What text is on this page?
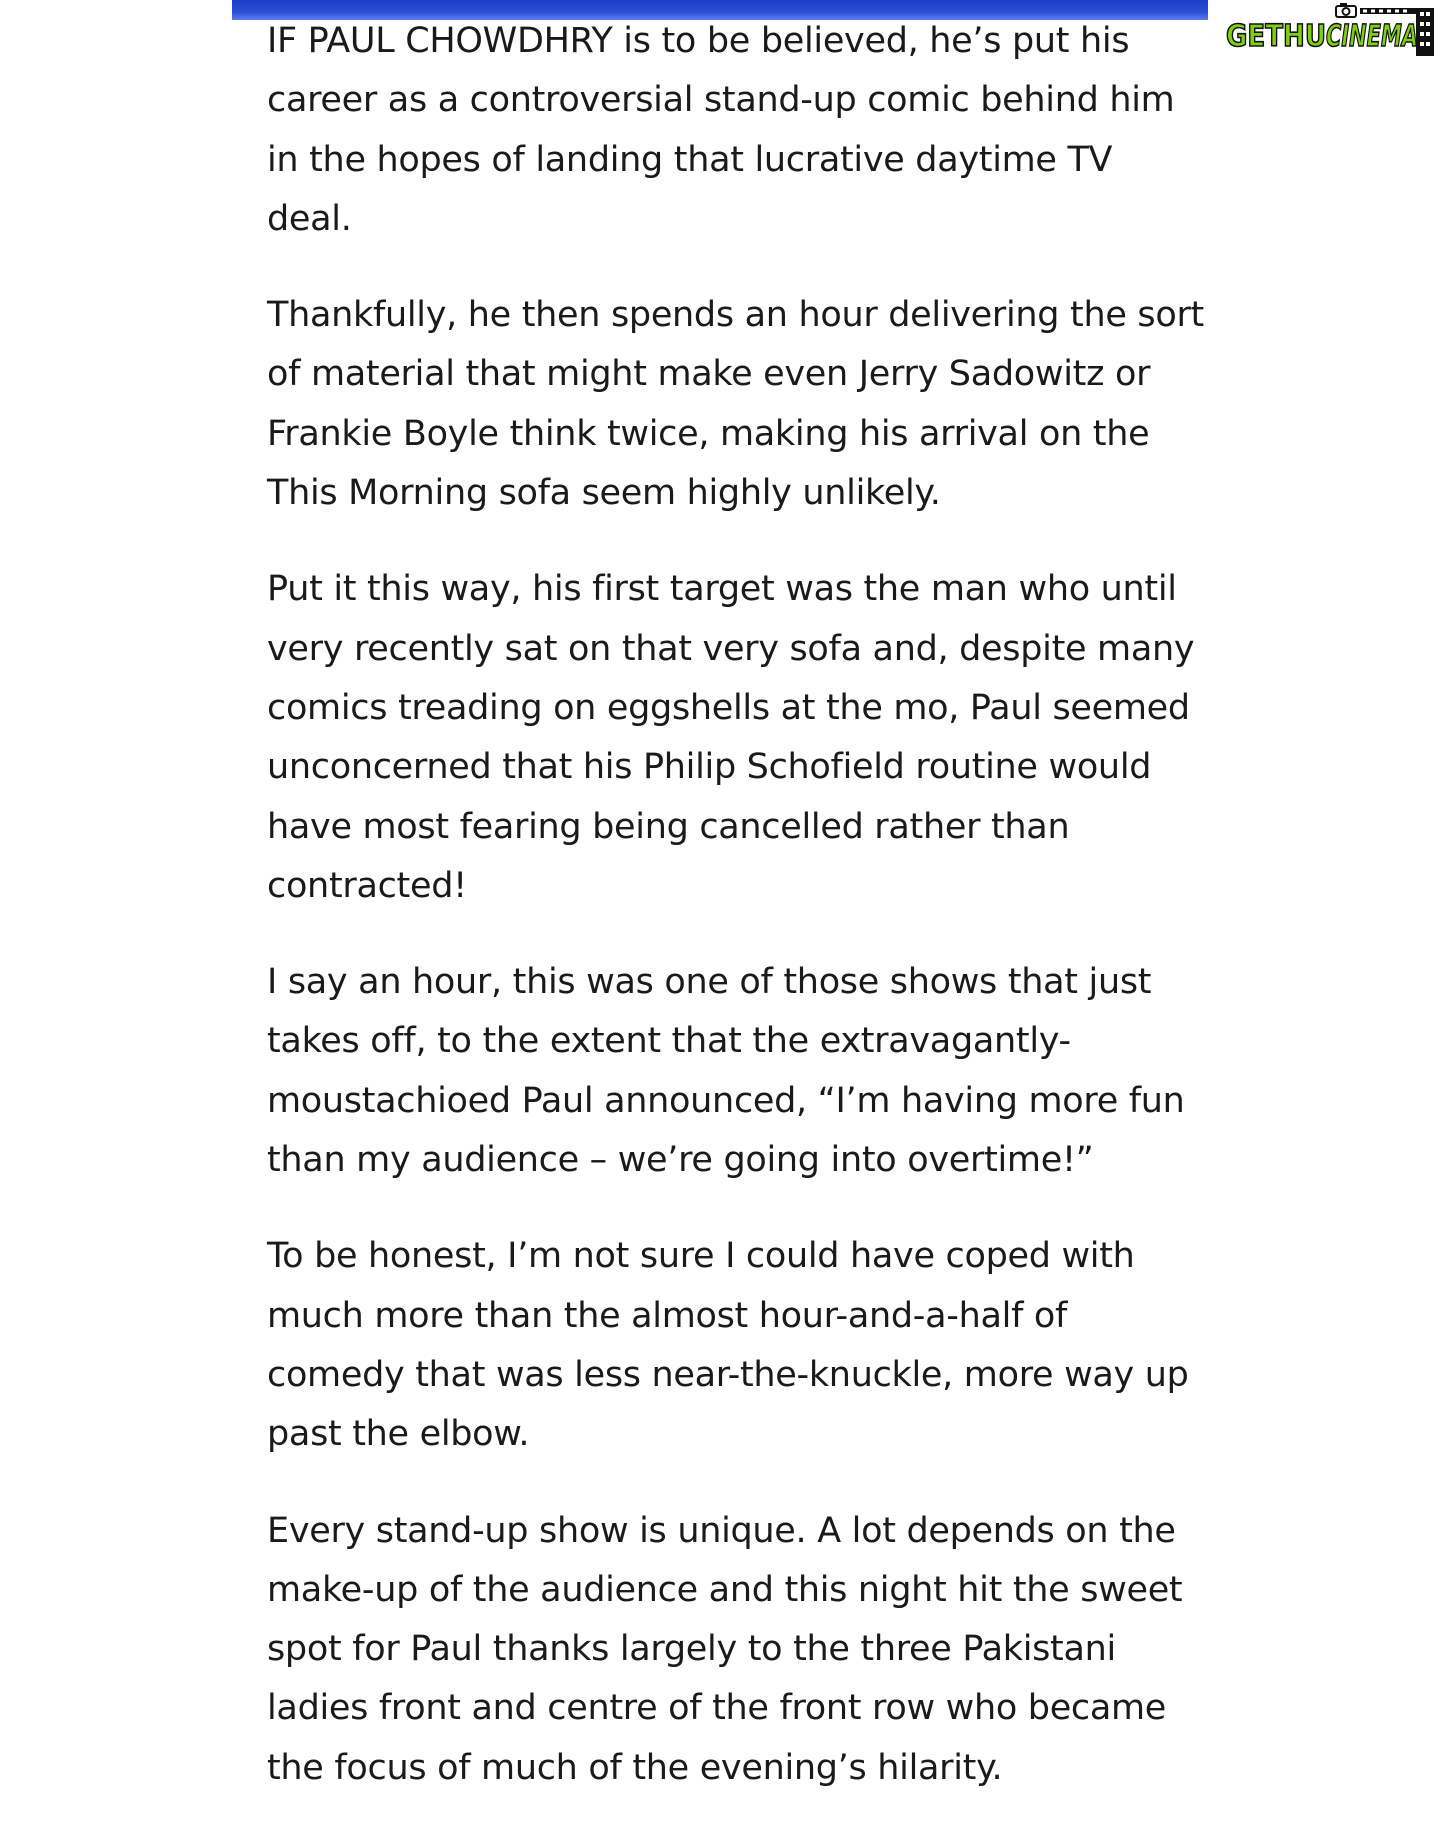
GETHU CINEMA

IF PAUL CHOWDHRY is to be believed, he’s put his career as a controversial stand-up comic behind him in the hopes of landing that lucrative daytime TV deal.

Thankfully, he then spends an hour delivering the sort of material that might make even Jerry Sadowitz or Frankie Boyle think twice, making his arrival on the This Morning sofa seem highly unlikely.

Put it this way, his first target was the man who until very recently sat on that very sofa and, despite many comics treading on eggshells at the mo, Paul seemed unconcerned that his Philip Schofield routine would have most fearing being cancelled rather than contracted!

I say an hour, this was one of those shows that just takes off, to the extent that the extravagantly-moustachioed Paul announced, “I’m having more fun than my audience – we’re going into overtime!”

To be honest, I’m not sure I could have coped with much more than the almost hour-and-a-half of comedy that was less near-the-knuckle, more way up past the elbow.

Every stand-up show is unique. A lot depends on the make-up of the audience and this night hit the sweet spot for Paul thanks largely to the three Pakistani ladies front and centre of the front row who became the focus of much of the evening’s hilarity.
